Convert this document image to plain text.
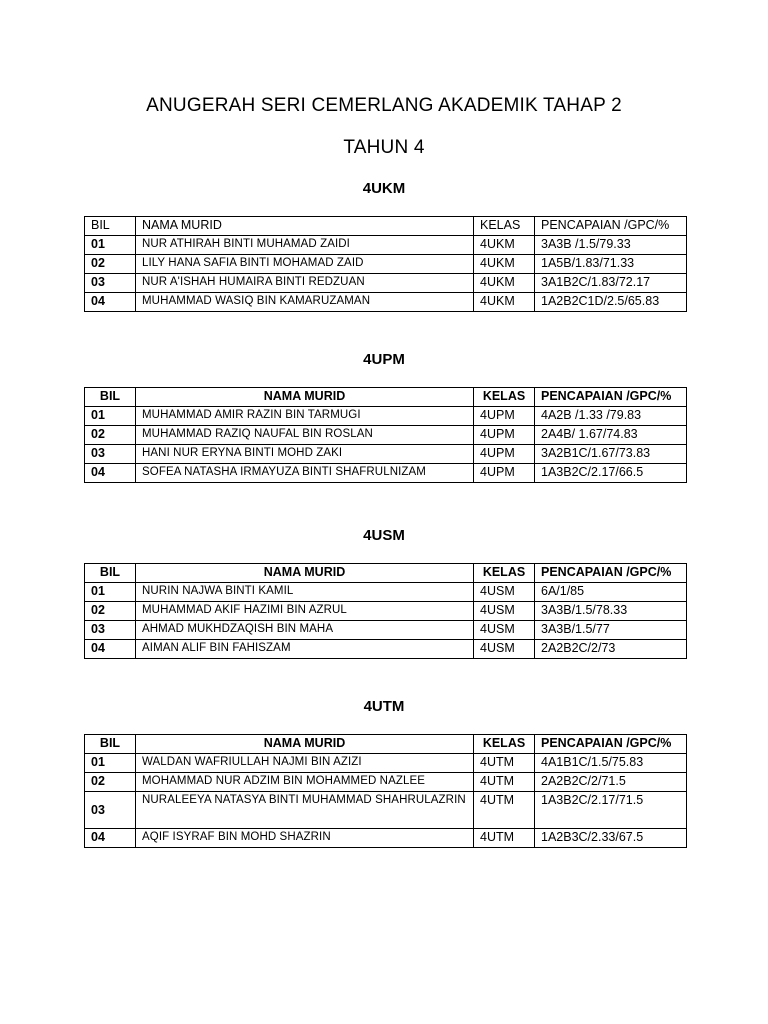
ANUGERAH SERI CEMERLANG AKADEMIK TAHAP 2
TAHUN 4
4UKM
BIL	NAMA MURID	KELAS	PENCAPAIAN /GPC/%
01	NUR ATHIRAH BINTI MUHAMAD ZAIDI	4UKM	3A3B /1.5/79.33
02	LILY HANA SAFIA BINTI MOHAMAD ZAID	4UKM	1A5B/1.83/71.33
03	NUR A'ISHAH HUMAIRA BINTI REDZUAN	4UKM	3A1B2C/1.83/72.17
04	MUHAMMAD WASIQ BIN KAMARUZAMAN	4UKM	1A2B2C1D/2.5/65.83
4UPM
BIL	NAMA MURID	KELAS	PENCAPAIAN /GPC/%
01	MUHAMMAD AMIR RAZIN BIN TARMUGI	4UPM	4A2B /1.33 /79.83
02	MUHAMMAD RAZIQ NAUFAL BIN ROSLAN	4UPM	2A4B/ 1.67/74.83
03	HANI NUR ERYNA BINTI MOHD ZAKI	4UPM	3A2B1C/1.67/73.83
04	SOFEA NATASHA IRMAYUZA BINTI SHAFRULNIZAM	4UPM	1A3B2C/2.17/66.5
4USM
BIL	NAMA MURID	KELAS	PENCAPAIAN /GPC/%
01	NURIN NAJWA BINTI KAMIL	4USM	6A/1/85
02	MUHAMMAD AKIF HAZIMI BIN AZRUL	4USM	3A3B/1.5/78.33
03	AHMAD MUKHDZAQISH BIN MAHA	4USM	3A3B/1.5/77
04	AIMAN ALIF BIN FAHISZAM	4USM	2A2B2C/2/73
4UTM
BIL	NAMA MURID	KELAS	PENCAPAIAN /GPC/%
01	WALDAN WAFRIULLAH NAJMI BIN AZIZI	4UTM	4A1B1C/1.5/75.83
02	MOHAMMAD NUR ADZIM BIN MOHAMMED NAZLEE	4UTM	2A2B2C/2/71.5
03	NURALEEYA NATASYA BINTI MUHAMMAD SHAHRULAZRIN	4UTM	1A3B2C/2.17/71.5
04	AQIF ISYRAF BIN MOHD SHAZRIN	4UTM	1A2B3C/2.33/67.5
